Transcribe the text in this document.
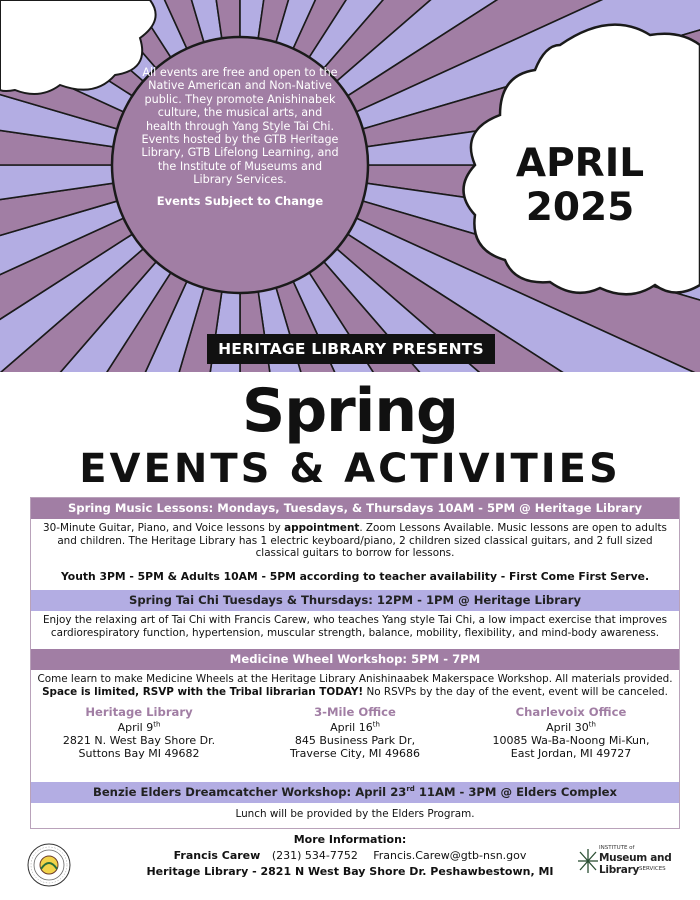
All events are free and open to the Native American and Non-Native public. They promote Anishinabek culture, the musical arts, and health through Yang Style Tai Chi. Events hosted by the GTB Heritage Library, GTB Lifelong Learning, and the Institute of Museums and Library Services.
Events Subject to Change
APRIL
2025
HERITAGE LIBRARY PRESENTS
Spring
EVENTS & ACTIVITIES
Spring Music Lessons: Mondays, Tuesdays, & Thursdays 10AM - 5PM @ Heritage Library
30-Minute Guitar, Piano, and Voice lessons by appointment. Zoom Lessons Available. Music lessons are open to adults and children. The Heritage Library has 1 electric keyboard/piano, 2 children sized classical guitars, and 2 full sized classical guitars to borrow for lessons.
Youth 3PM - 5PM & Adults 10AM - 5PM according to teacher availability - First Come First Serve.
Spring Tai Chi Tuesdays & Thursdays: 12PM - 1PM @ Heritage Library
Enjoy the relaxing art of Tai Chi with Francis Carew, who teaches Yang style Tai Chi, a low impact exercise that improves cardiorespiratory function, hypertension, muscular strength, balance, mobility, flexibility, and mind-body awareness.
Medicine Wheel Workshop: 5PM - 7PM
Come learn to make Medicine Wheels at the Heritage Library Anishinaabek Makerspace Workshop. All materials provided.
Space is limited, RSVP with the Tribal librarian TODAY! No RSVPs by the day of the event, event will be canceled.
Heritage Library
April 9th
2821 N. West Bay Shore Dr.
Suttons Bay MI 49682
3-Mile Office
April 16th
845 Business Park Dr,
Traverse City, MI 49686
Charlevoix Office
April 30th
10085 Wa-Ba-Noong Mi-Kun,
East Jordan, MI 49727
Benzie Elders Dreamcatcher Workshop: April 23rd 11AM - 3PM @ Elders Complex
Lunch will be provided by the Elders Program.
More Information:
Francis Carew (231) 534-7752 Francis.Carew@gtb-nsn.gov
Heritage Library - 2821 N West Bay Shore Dr. Peshawbestown, MI
INSTITUTE of
Museum and Library SERVICES
